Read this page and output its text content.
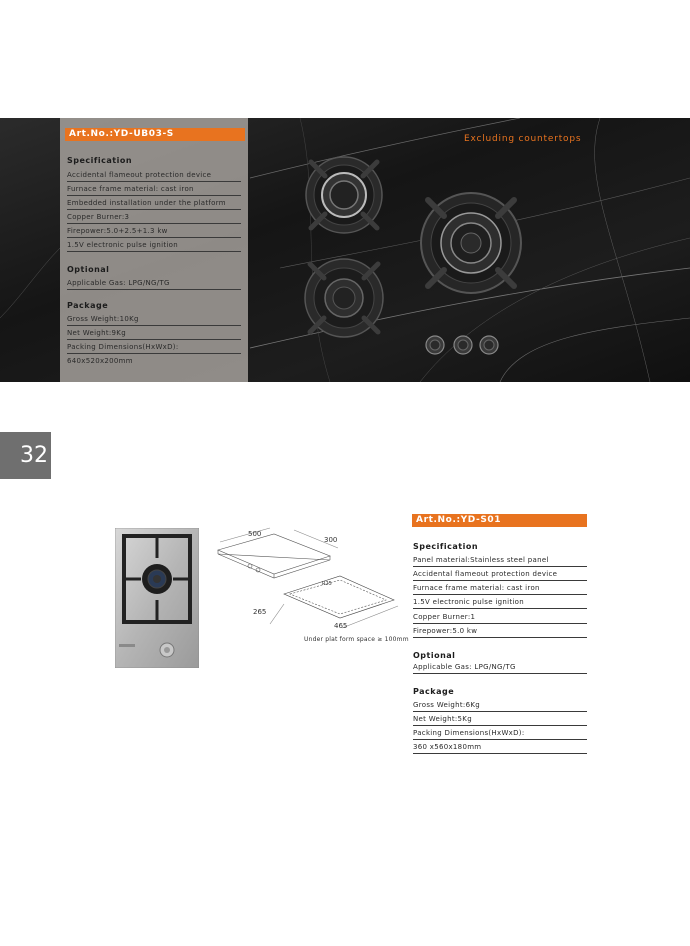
Art.No.:YD-UB03-S
Specification
Accidental flameout protection device
Furnace frame material: cast iron
Embedded installation under the platform
Copper Burner:3
Firepower:5.0+2.5+1.3 kw
1.5V electronic pulse ignition
Optional
Applicable Gas: LPG/NG/TG
Package
Gross Weight:10Kg
Net Weight:9Kg
Packing Dimensions(HxWxD):
640x520x200mm
Excluding countertops
32
500
300
R25
265
465
Under plat form space ≥ 100mm
Art.No.:YD-S01
Specification
Panel material:Stainless steel panel
Accidental flameout protection device
Furnace frame material: cast iron
1.5V electronic pulse ignition
Copper Burner:1
Firepower:5.0 kw
Optional
Applicable Gas: LPG/NG/TG
Package
Gross Weight:6Kg
Net Weight:5Kg
Packing Dimensions(HxWxD):
360 x560x180mm
